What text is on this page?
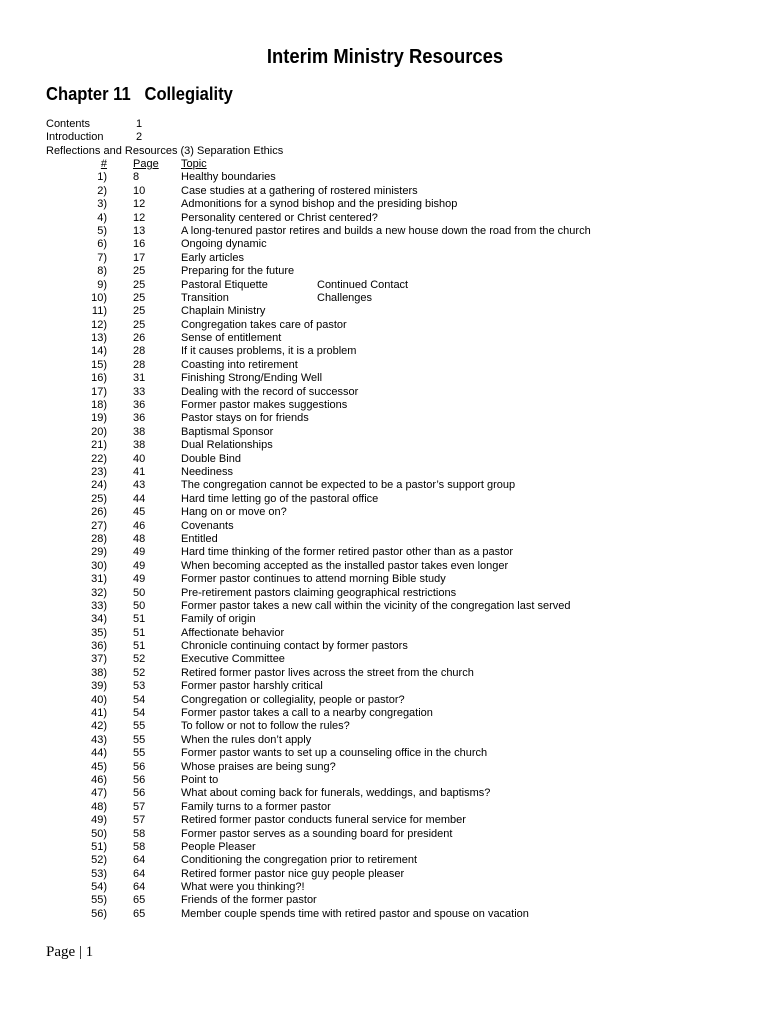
Interim Ministry Resources
Chapter 11   Collegiality
Contents	1
Introduction	2
Reflections and Resources (3) Separation Ethics
# Page	Topic
1) 8	Healthy boundaries
2) 10	Case studies at a gathering of rostered ministers
3) 12	Admonitions for a synod bishop and the presiding bishop
4) 12	Personality centered or Christ centered?
5) 13	A long-tenured pastor retires and builds a new house down the road from the church
6) 16	Ongoing dynamic
7) 17	Early articles
8) 25	Preparing for the future
9) 25	Pastoral Etiquette	Continued Contact
10) 25	Transition	Challenges
11) 25	Chaplain Ministry
12) 25	Congregation takes care of pastor
13) 26	Sense of entitlement
14) 28	If it causes problems, it is a problem
15) 28	Coasting into retirement
16) 31	Finishing Strong/Ending Well
17) 33	Dealing with the record of successor
18) 36	Former pastor makes suggestions
19) 36	Pastor stays on for friends
20) 38	Baptismal Sponsor
21) 38	Dual Relationships
22) 40	Double Bind
23) 41	Neediness
24) 43	The congregation cannot be expected to be a pastor’s support group
25) 44	Hard time letting go of the pastoral office
26) 45	Hang on or move on?
27) 46	Covenants
28) 48	Entitled
29) 49	Hard time thinking of the former retired pastor other than as a pastor
30) 49	When becoming accepted as the installed pastor takes even longer
31) 49	Former pastor continues to attend morning Bible study
32) 50	Pre-retirement pastors claiming geographical restrictions
33) 50	Former pastor takes a new call within the vicinity of the congregation last served
34) 51	Family of origin
35) 51	Affectionate behavior
36) 51	Chronicle continuing contact by former pastors
37) 52	Executive Committee
38) 52	Retired former pastor lives across the street from the church
39) 53	Former pastor harshly critical
40) 54	Congregation or collegiality, people or pastor?
41) 54	Former pastor takes a call to a nearby congregation
42) 55	To follow or not to follow the rules?
43) 55	When the rules don’t apply
44) 55	Former pastor wants to set up a counseling office in the church
45) 56	Whose praises are being sung?
46) 56	Point to
47) 56	What about coming back for funerals, weddings, and baptisms?
48) 57	Family turns to a former pastor
49) 57	Retired former pastor conducts funeral service for member
50) 58	Former pastor serves as a sounding board for president
51) 58	People Pleaser
52) 64	Conditioning the congregation prior to retirement
53) 64	Retired former pastor nice guy people pleaser
54) 64	What were you thinking?!
55) 65	Friends of the former pastor
56) 65	Member couple spends time with retired pastor and spouse on vacation
Page | 1
